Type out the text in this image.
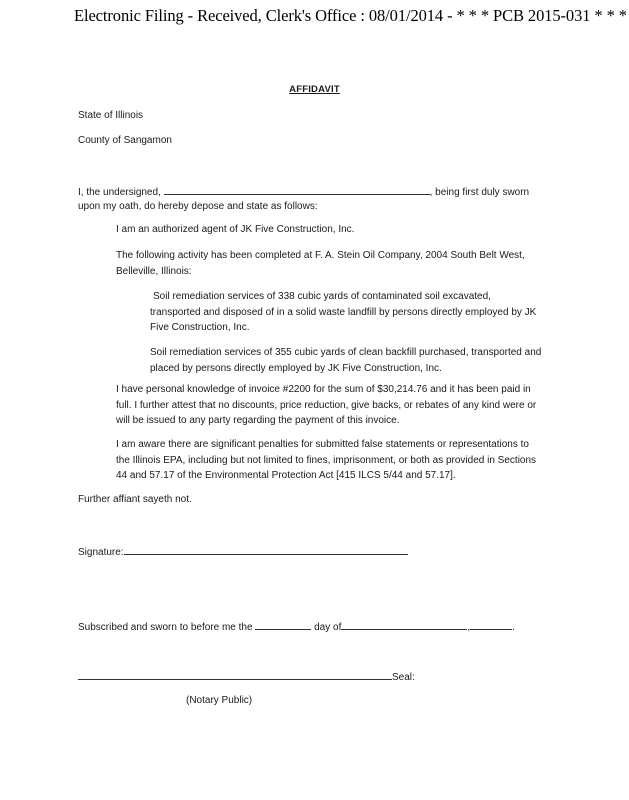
Electronic Filing - Received, Clerk's Office : 08/01/2014 - * * * PCB 2015-031 * * *
AFFIDAVIT
State of Illinois
County of Sangamon
I, the undersigned,	, being first duly sworn
upon my oath, do hereby depose and state as follows:
I am an authorized agent of JK Five Construction, Inc.
The following activity has been completed at F. A. Stein Oil Company, 2004 South Belt West,
Belleville, Illinois:
Soil remediation services of 338 cubic yards of contaminated soil excavated,
transported and disposed of in a solid waste landfill by persons directly employed by JK
Five Construction, Inc.
Soil remediation services of 355 cubic yards of clean backfill purchased, transported and
placed by persons directly employed by JK Five Construction, Inc.
I have personal knowledge of invoice #2200 for the sum of $30,214.76 and it has been paid in
full. I further attest that no discounts, price reduction, give backs, or rebates of any kind were or
will be issued to any party regarding the payment of this invoice.
I am aware there are significant penalties for submitted false statements or representations to
the Illinois EPA, including but not limited to fines, imprisonment, or both as provided in Sections
44 and 57.17 of the Environmental Protection Act [415 ILCS 5/44 and 57.17].
Further affiant sayeth not.
Signature:
Subscribed and sworn to before me the	day of	,	.
Seal:
(Notary Public)
